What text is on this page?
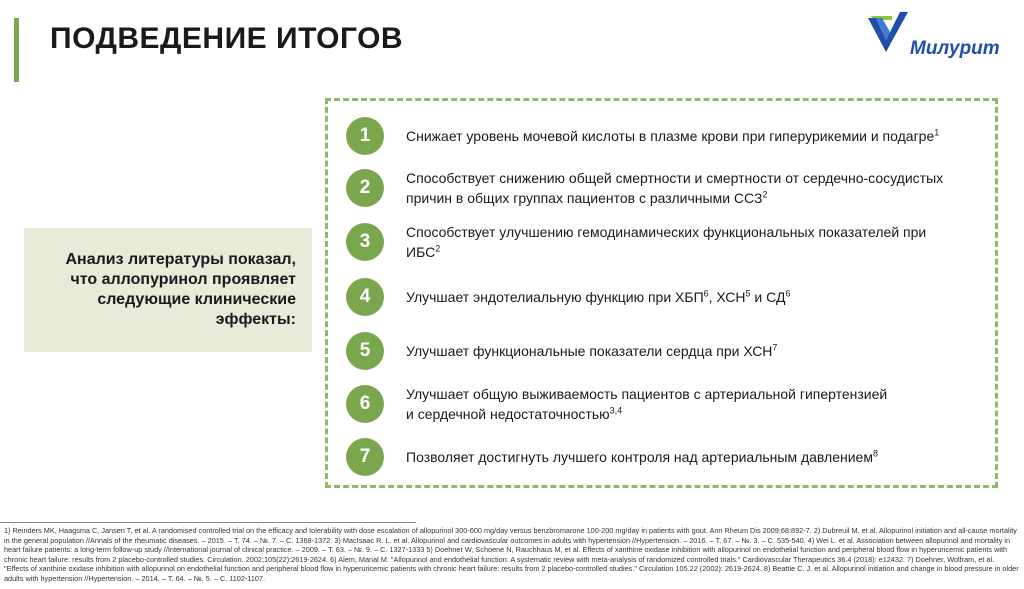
ПОДВЕДЕНИЕ ИТОГОВ	Милурит
Анализ литературы показал, что аллопуринол проявляет следующие клинические эффекты:
1	Снижает уровень мочевой кислоты в плазме крови при гиперурикемии и подагре$^1$
2	Способствует снижению общей смертности и смертности от сердечно-сосудистых
причин в общих группах пациентов с различными ССЗ$^2$
3	Способствует улучшению гемодинамических функциональных показателей при
ИБС$^2$
4	Улучшает эндотелиальную функцию при ХБП$^6$, ХСН$^5$ и $СД^6$
5	Улучшает функциональные показатели сердца при ХСН$^7$
6	Улучшает общую выживаемость пациентов с артериальной гипертензией
и сердечной недостаточностью$^{3,4}$
7	Позволяет достигнуть лучшего контроля над артериальным давлением$^8$
1) Reinders MK, Haagsma C, Jansen T, et al. A randomised controlled trial on the efficacy and tolerability with dose escalation of allopurinol 300-600 mg/day versus benzbromarone 100-200 mg/day in patients with gout. Ann Rheum Dis 2009;68:892-7. 2) Dubreuil M. et al. Allopurinol initiation and all-cause mortality in the general population //Annals of the rheumatic diseases. – 2015. – Т. 74. – №. 7. – С. 1368-1372. 3) MacIsaac R. L. et al. Allopurinol and cardiovascular outcomes in adults with hypertension //Hypertension. – 2016. – Т. 67. – №. 3. – С. 535-540. 4) Wei L. et al. Association between allopurinol and mortality in heart failure patients: a long-term follow-up study //International journal of clinical practice. – 2009. – Т. 63. – №. 9. – С. 1327-1333 5) Doehner W, Schoene N, Rauchhaus M, et al. Effects of xanthine oxidase inhibition with allopurinol on endothelial function and peripheral blood flow in hyperuricemic patients with chronic heart failure: results from 2 placebo-controlled studies. Circulation. 2002;105(22):2619-2624. 6) Alem, Manal M. "Allopurinol and endothelial function: A systematic review with meta-analysis of randomized controlled trials." Cardiovascular Therapeutics 36.4 (2018): e12432. 7) Doehner, Wolfram, et al. "Effects of xanthine oxidase inhibition with allopurinol on endothelial function and peripheral blood flow in hyperuricemic patients with chronic heart failure: results from 2 placebo-controlled studies." Circulation 105.22 (2002): 2619-2624. 8) Beattie C. J. et al. Allopurinol initiation and change in blood pressure in older adults with hypertension //Hypertension. – 2014. – Т. 64. – №. 5. – С. 1102-1107.
